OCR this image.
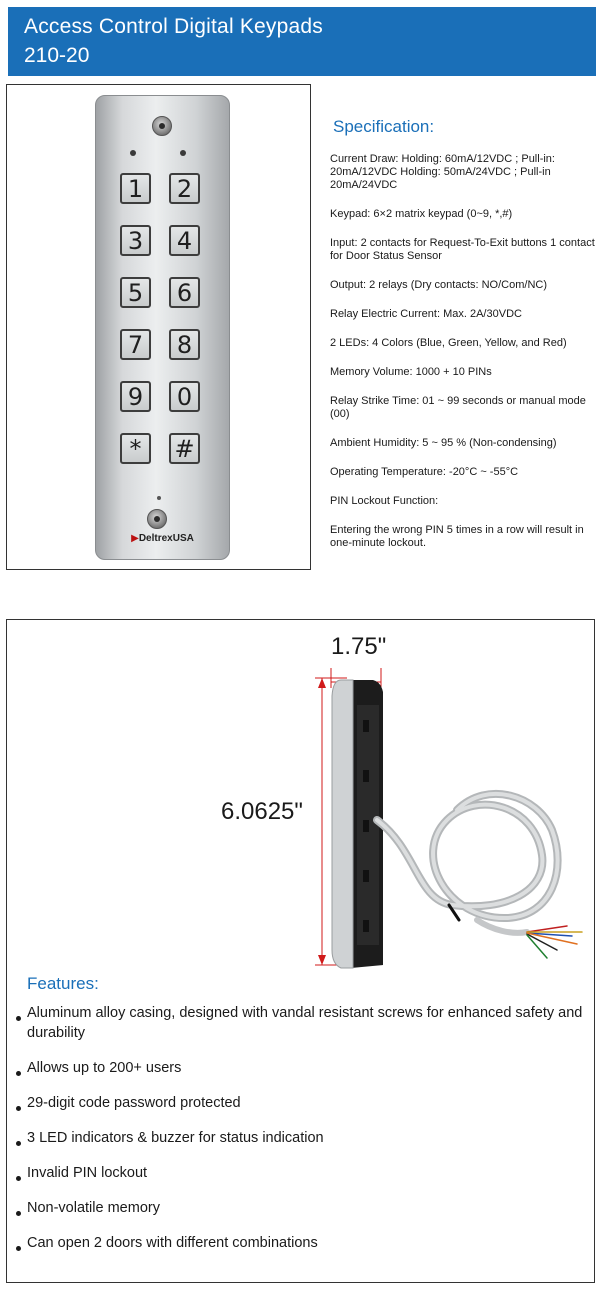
Access Control Digital Keypads
210-20
1	2
3	4
5	6
7	8
9	0
*	#
▶DeltrexUSA
Specification:

Current Draw: Holding: 60mA/12VDC ; Pull-in: 20mA/12VDC Holding: 50mA/24VDC ; Pull-in 20mA/24VDC

Keypad: 6×2 matrix keypad (0~9, *,#)

Input: 2 contacts for Request-To-Exit buttons 1 contact for Door Status Sensor

Output: 2 relays (Dry contacts: NO/Com/NC)

Relay Electric Current: Max. 2A/30VDC

2 LEDs: 4 Colors (Blue, Green, Yellow, and Red)

Memory Volume: 1000 + 10 PINs

Relay Strike Time: 01 ~ 99 seconds or manual mode (00)

Ambient Humidity: 5 ~ 95 % (Non-condensing)

Operating Temperature: -20°C ~ -55°C

PIN Lockout Function:

Entering the wrong PIN 5 times in a row will result in one-minute lockout.

1.75"
6.0625"
Features:
Aluminum alloy casing, designed with vandal resistant screws for enhanced safety and durability
Allows up to 200+ users
29-digit code password protected
3 LED indicators & buzzer for status indication
Invalid PIN lockout
Non-volatile memory
Can open 2 doors with different combinations
